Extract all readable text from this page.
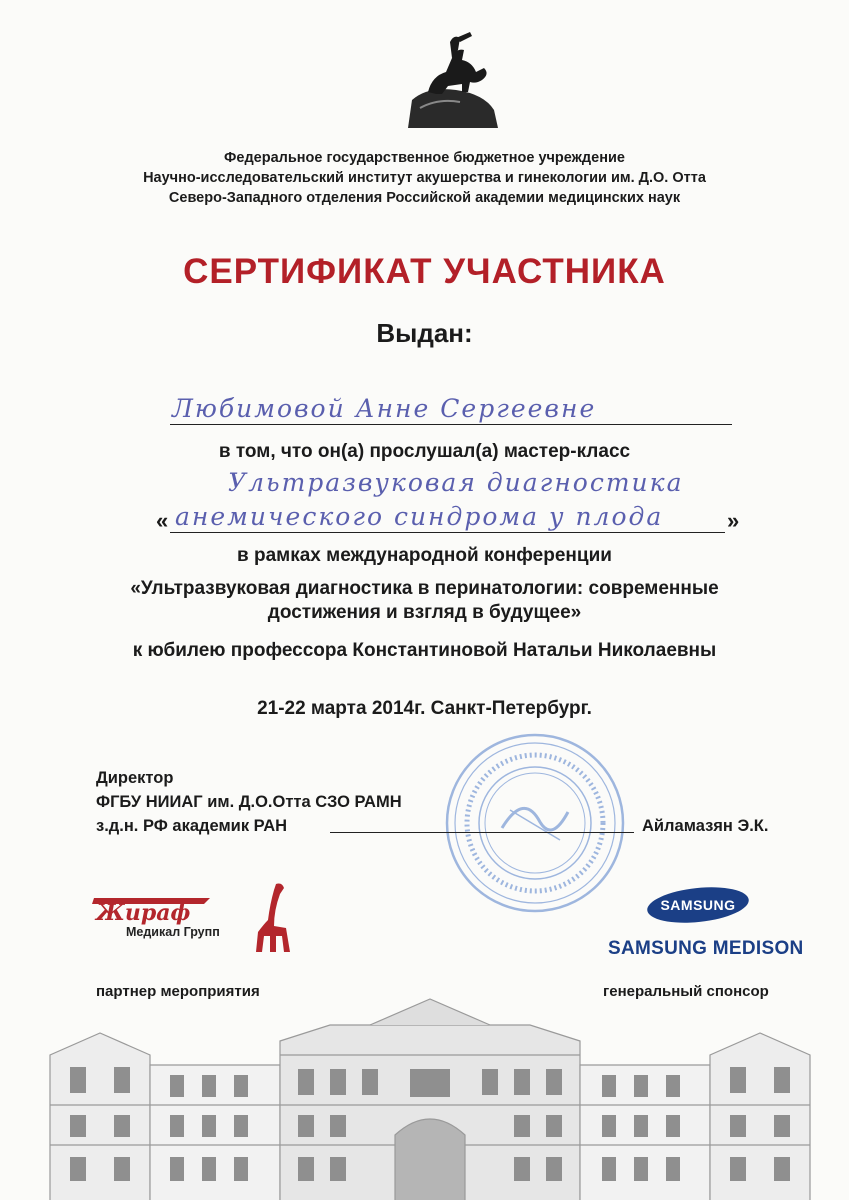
Федеральное государственное бюджетное учреждение
Научно-исследовательский институт акушерства и гинекологии им. Д.О. Отта
Северо-Западного отделения Российской академии медицинских наук
СЕРТИФИКАТ УЧАСТНИКА
Выдан:
Любимовой Анне Сергеевне
в том, что он(а) прослушал(а) мастер-класс
Ультразвуковая диагностика
« анемического синдрома у плода	»
в рамках международной конференции
«Ультразвуковая диагностика в перинатологии: современные
достижения и взгляд в будущее»
к юбилею профессора Константиновой Натальи Николаевны
21-22 марта 2014г. Санкт-Петербург.
Директор
ФГБУ НИИАГ им. Д.О.Отта СЗО РАМН
з.д.н. РФ академик РАН	Айламазян Э.К.
Жираф
Медикал Групп
SAMSUNG
SAMSUNG MEDISON
партнер мероприятия	генеральный спонсор
